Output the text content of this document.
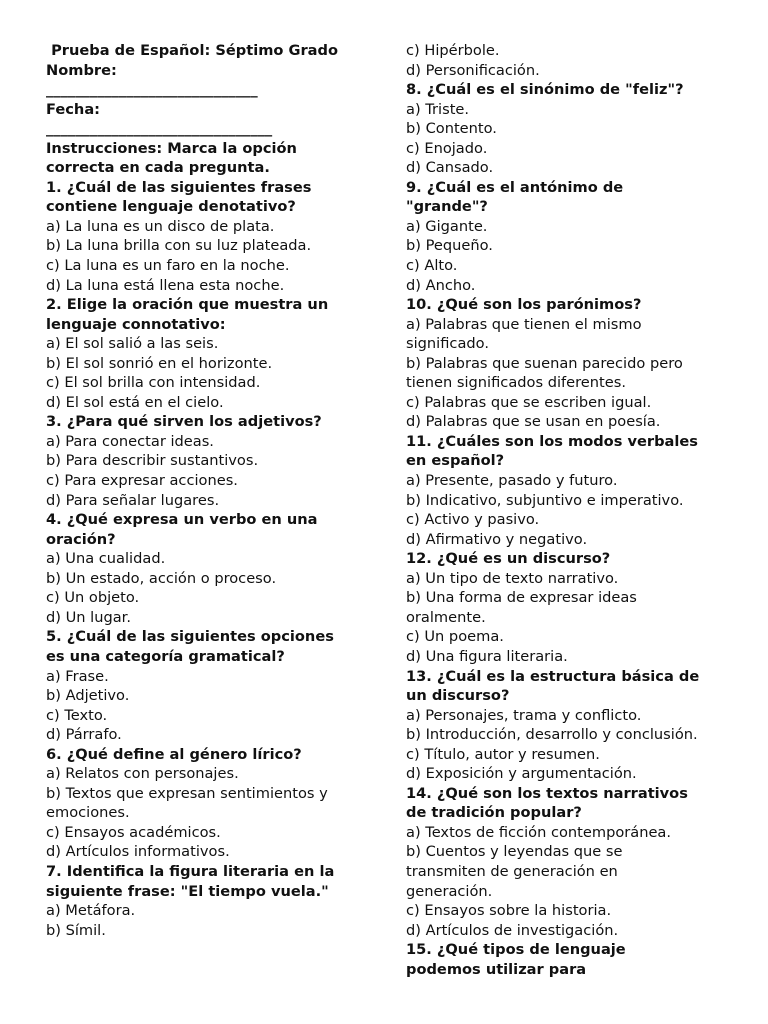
Prueba de Español: Séptimo Grado
Nombre:
_____________________________
Fecha:
_______________________________
Instrucciones: Marca la opción
correcta en cada pregunta.
1. ¿Cuál de las siguientes frases
contiene lenguaje denotativo?
a) La luna es un disco de plata.
b) La luna brilla con su luz plateada.
c) La luna es un faro en la noche.
d) La luna está llena esta noche.
2. Elige la oración que muestra un
lenguaje connotativo:
a) El sol salió a las seis.
b) El sol sonrió en el horizonte.
c) El sol brilla con intensidad.
d) El sol está en el cielo.
3. ¿Para qué sirven los adjetivos?
a) Para conectar ideas.
b) Para describir sustantivos.
c) Para expresar acciones.
d) Para señalar lugares.
4. ¿Qué expresa un verbo en una
oración?
a) Una cualidad.
b) Un estado, acción o proceso.
c) Un objeto.
d) Un lugar.
5. ¿Cuál de las siguientes opciones
es una categoría gramatical?
a) Frase.
b) Adjetivo.
c) Texto.
d) Párrafo.
6. ¿Qué define al género lírico?
a) Relatos con personajes.
b) Textos que expresan sentimientos y
emociones.
c) Ensayos académicos.
d) Artículos informativos.
7. Identifica la figura literaria en la
siguiente frase: "El tiempo vuela."
a) Metáfora.
b) Símil.
c) Hipérbole.
d) Personificación.
8. ¿Cuál es el sinónimo de "feliz"?
a) Triste.
b) Contento.
c) Enojado.
d) Cansado.
9. ¿Cuál es el antónimo de
"grande"?
a) Gigante.
b) Pequeño.
c) Alto.
d) Ancho.
10. ¿Qué son los parónimos?
a) Palabras que tienen el mismo
significado.
b) Palabras que suenan parecido pero
tienen significados diferentes.
c) Palabras que se escriben igual.
d) Palabras que se usan en poesía.
11. ¿Cuáles son los modos verbales
en español?
a) Presente, pasado y futuro.
b) Indicativo, subjuntivo e imperativo.
c) Activo y pasivo.
d) Afirmativo y negativo.
12. ¿Qué es un discurso?
a) Un tipo de texto narrativo.
b) Una forma de expresar ideas
oralmente.
c) Un poema.
d) Una figura literaria.
13. ¿Cuál es la estructura básica de
un discurso?
a) Personajes, trama y conflicto.
b) Introducción, desarrollo y conclusión.
c) Título, autor y resumen.
d) Exposición y argumentación.
14. ¿Qué son los textos narrativos
de tradición popular?
a) Textos de ficción contemporánea.
b) Cuentos y leyendas que se
transmiten de generación en
generación.
c) Ensayos sobre la historia.
d) Artículos de investigación.
15. ¿Qué tipos de lenguaje
podemos utilizar para
